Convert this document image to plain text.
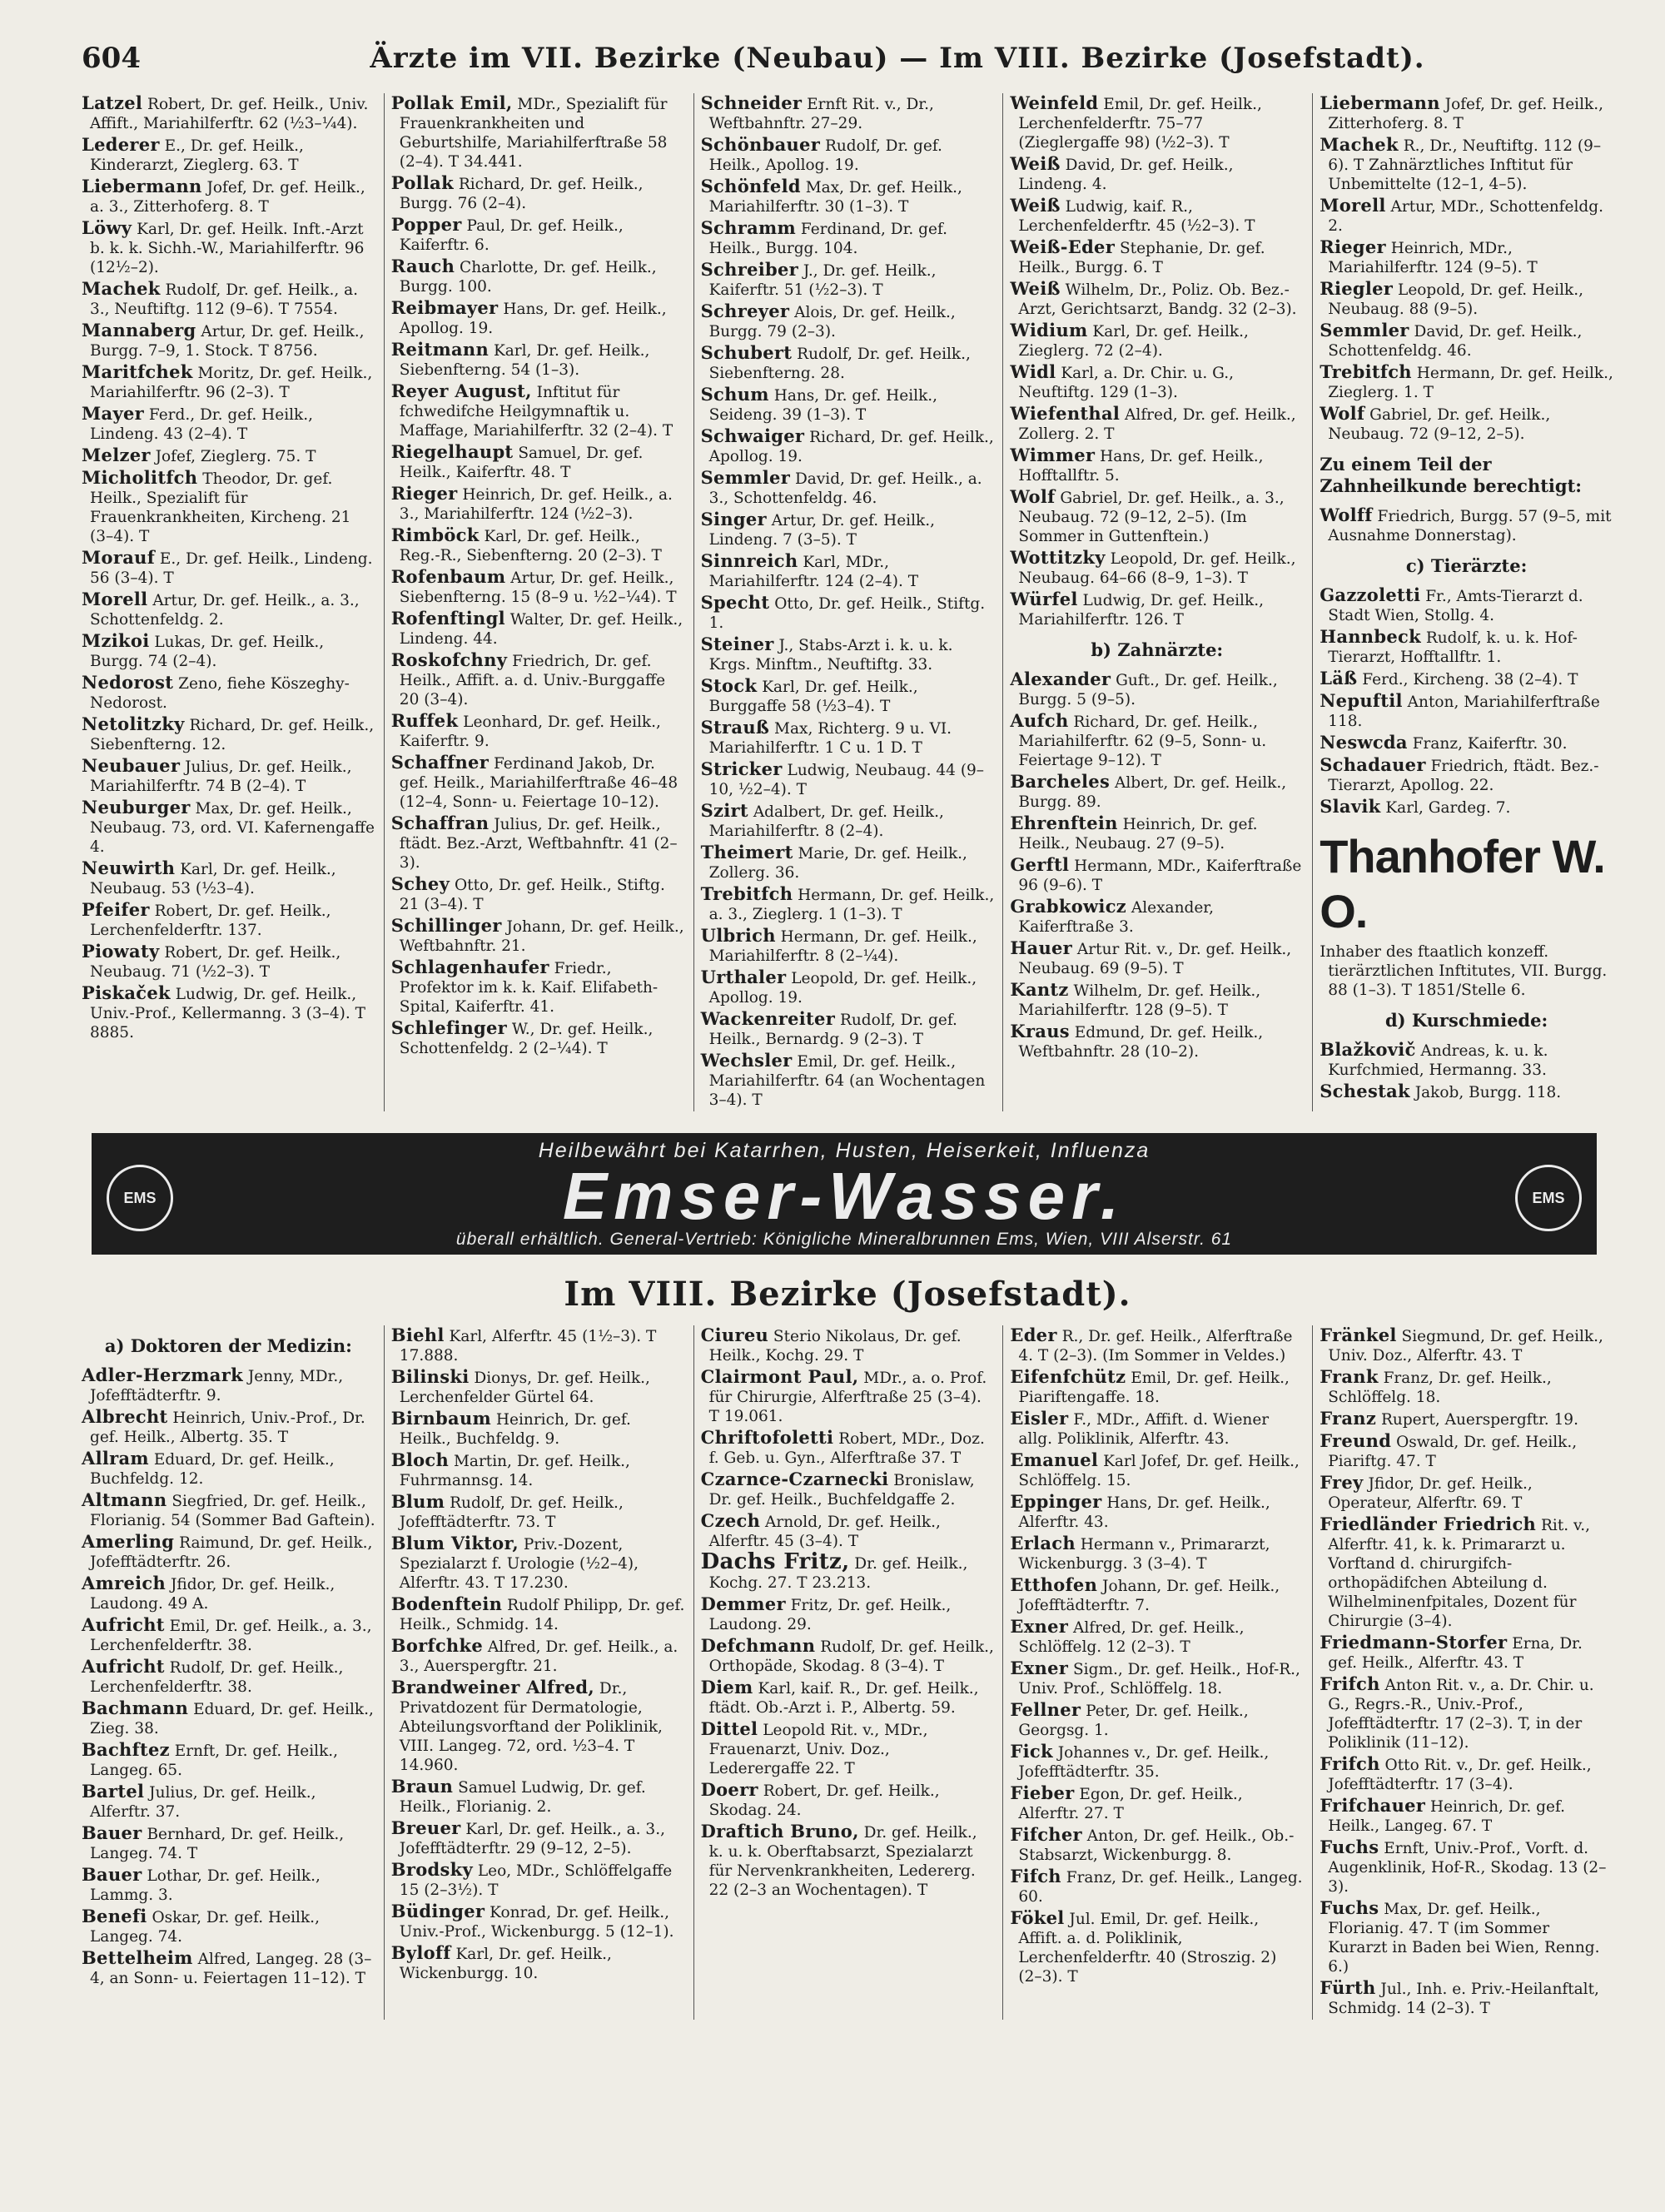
604	Ärzte im VII. Bezirke (Neubau) — Im VIII. Bezirke (Josefstadt).
Latzel Robert, Dr. gef. Heilk., Univ. Affift., Mariahilferftr. 62 (½3–¼4).
Lederer E., Dr. gef. Heilk., Kinderarzt, Zieglerg. 63. T
Liebermann Jofef, Dr. gef. Heilk., a. 3., Zitterhoferg. 8. T
Löwy Karl, Dr. gef. Heilk. Inft.-Arzt b. k. k. Sichh.-W., Mariahilferftr. 96 (12½–2).
Machek Rudolf, Dr. gef. Heilk., a. 3., Neuftiftg. 112 (9–6). T 7554.
Mannaberg Artur, Dr. gef. Heilk., Burgg. 7–9, 1. Stock. T 8756.
Maritfchek Moritz, Dr. gef. Heilk., Mariahilferftr. 96 (2–3). T
Mayer Ferd., Dr. gef. Heilk., Lindeng. 43 (2–4). T
Melzer Jofef, Zieglerg. 75. T
Micholitfch Theodor, Dr. gef. Heilk., Spezialift für Frauenkrankheiten, Kircheng. 21 (3–4). T
Morauf E., Dr. gef. Heilk., Lindeng. 56 (3–4). T
Morell Artur, Dr. gef. Heilk., a. 3., Schottenfeldg. 2.
Mzikoi Lukas, Dr. gef. Heilk., Burgg. 74 (2–4).
Nedorost Zeno, fiehe Köszeghy-Nedorost.
Netolitzky Richard, Dr. gef. Heilk., Siebenfterng. 12.
Neubauer Julius, Dr. gef. Heilk., Mariahilferftr. 74 B (2–4). T
Neuburger Max, Dr. gef. Heilk., Neubaug. 73, ord. VI. Kafernengaffe 4.
Neuwirth Karl, Dr. gef. Heilk., Neubaug. 53 (½3–4).
Pfeifer Robert, Dr. gef. Heilk., Lerchenfelderftr. 137.
Piowaty Robert, Dr. gef. Heilk., Neubaug. 71 (½2–3). T
Piskaček Ludwig, Dr. gef. Heilk., Univ.-Prof., Kellermanng. 3 (3–4). T 8885.
Pollak Emil, MDr., Spezialift für Frauenkrankheiten und Geburtshilfe, Mariahilferftraße 58 (2–4). T 34.441.
Pollak Richard, Dr. gef. Heilk., Burgg. 76 (2–4).
Popper Paul, Dr. gef. Heilk., Kaiferftr. 6.
Rauch Charlotte, Dr. gef. Heilk., Burgg. 100.
Reibmayer Hans, Dr. gef. Heilk., Apollog. 19.
Reitmann Karl, Dr. gef. Heilk., Siebenfterng. 54 (1–3).
Reyer August, Inftitut für fchwedifche Heilgymnaftik u. Maffage, Mariahilferftr. 32 (2–4). T
Riegelhaupt Samuel, Dr. gef. Heilk., Kaiferftr. 48. T
Rieger Heinrich, Dr. gef. Heilk., a. 3., Mariahilferftr. 124 (½2–3).
Rimböck Karl, Dr. gef. Heilk., Reg.-R., Siebenfterng. 20 (2–3). T
Rofenbaum Artur, Dr. gef. Heilk., Siebenfterng. 15 (8–9 u. ½2–¼4). T
Rofenftingl Walter, Dr. gef. Heilk., Lindeng. 44.
Roskofchny Friedrich, Dr. gef. Heilk., Affift. a. d. Univ.-Burggaffe 20 (3–4).
Ruffek Leonhard, Dr. gef. Heilk., Kaiferftr. 9.
Schaffner Ferdinand Jakob, Dr. gef. Heilk., Mariahilferftraße 46–48 (12–4, Sonn- u. Feiertage 10–12).
Schaffran Julius, Dr. gef. Heilk., ftädt. Bez.-Arzt, Weftbahnftr. 41 (2–3).
Schey Otto, Dr. gef. Heilk., Stiftg. 21 (3–4). T
Schillinger Johann, Dr. gef. Heilk., Weftbahnftr. 21.
Schlagenhaufer Friedr., Profektor im k. k. Kaif. Elifabeth-Spital, Kaiferftr. 41.
Schlefinger W., Dr. gef. Heilk., Schottenfeldg. 2 (2–¼4). T
Schneider Ernft Rit. v., Dr., Weftbahnftr. 27–29.
Schönbauer Rudolf, Dr. gef. Heilk., Apollog. 19.
Schönfeld Max, Dr. gef. Heilk., Mariahilferftr. 30 (1–3). T
Schramm Ferdinand, Dr. gef. Heilk., Burgg. 104.
Schreiber J., Dr. gef. Heilk., Kaiferftr. 51 (½2–3). T
Schreyer Alois, Dr. gef. Heilk., Burgg. 79 (2–3).
Schubert Rudolf, Dr. gef. Heilk., Siebenfterng. 28.
Schum Hans, Dr. gef. Heilk., Seideng. 39 (1–3). T
Schwaiger Richard, Dr. gef. Heilk., Apollog. 19.
Semmler David, Dr. gef. Heilk., a. 3., Schottenfeldg. 46.
Singer Artur, Dr. gef. Heilk., Lindeng. 7 (3–5). T
Sinnreich Karl, MDr., Mariahilferftr. 124 (2–4). T
Specht Otto, Dr. gef. Heilk., Stiftg. 1.
Steiner J., Stabs-Arzt i. k. u. k. Krgs. Minftm., Neuftiftg. 33.
Stock Karl, Dr. gef. Heilk., Burggaffe 58 (½3–4). T
Strauß Max, Richterg. 9 u. VI. Mariahilferftr. 1 C u. 1 D. T
Stricker Ludwig, Neubaug. 44 (9–10, ½2–4). T
Szirt Adalbert, Dr. gef. Heilk., Mariahilferftr. 8 (2–4).
Theimert Marie, Dr. gef. Heilk., Zollerg. 36.
Trebitfch Hermann, Dr. gef. Heilk., a. 3., Zieglerg. 1 (1–3). T
Ulbrich Hermann, Dr. gef. Heilk., Mariahilferftr. 8 (2–¼4).
Urthaler Leopold, Dr. gef. Heilk., Apollog. 19.
Wackenreiter Rudolf, Dr. gef. Heilk., Bernardg. 9 (2–3). T
Wechsler Emil, Dr. gef. Heilk., Mariahilferftr. 64 (an Wochentagen 3–4). T
Weinfeld Emil, Dr. gef. Heilk., Lerchenfelderftr. 75–77 (Zieglergaffe 98) (½2–3). T
Weiß David, Dr. gef. Heilk., Lindeng. 4.
Weiß Ludwig, kaif. R., Lerchenfelderftr. 45 (½2–3). T
Weiß-Eder Stephanie, Dr. gef. Heilk., Burgg. 6. T
Weiß Wilhelm, Dr., Poliz. Ob. Bez.-Arzt, Gerichtsarzt, Bandg. 32 (2–3).
Widium Karl, Dr. gef. Heilk., Zieglerg. 72 (2–4).
Widl Karl, a. Dr. Chir. u. G., Neuftiftg. 129 (1–3).
Wiefenthal Alfred, Dr. gef. Heilk., Zollerg. 2. T
Wimmer Hans, Dr. gef. Heilk., Hofftallftr. 5.
Wolf Gabriel, Dr. gef. Heilk., a. 3., Neubaug. 72 (9–12, 2–5). (Im Sommer in Guttenftein.)
Wottitzky Leopold, Dr. gef. Heilk., Neubaug. 64–66 (8–9, 1–3). T
Würfel Ludwig, Dr. gef. Heilk., Mariahilferftr. 126. T
b) Zahnärzte:
Alexander Guft., Dr. gef. Heilk., Burgg. 5 (9–5).
Aufch Richard, Dr. gef. Heilk., Mariahilferftr. 62 (9–5, Sonn- u. Feiertage 9–12). T
Barcheles Albert, Dr. gef. Heilk., Burgg. 89.
Ehrenftein Heinrich, Dr. gef. Heilk., Neubaug. 27 (9–5).
Gerftl Hermann, MDr., Kaiferftraße 96 (9–6). T
Grabkowicz Alexander, Kaiferftraße 3.
Hauer Artur Rit. v., Dr. gef. Heilk., Neubaug. 69 (9–5). T
Kantz Wilhelm, Dr. gef. Heilk., Mariahilferftr. 128 (9–5). T
Kraus Edmund, Dr. gef. Heilk., Weftbahnftr. 28 (10–2).
Liebermann Jofef, Dr. gef. Heilk., Zitterhoferg. 8. T
Machek R., Dr., Neuftiftg. 112 (9–6). T Zahnärztliches Inftitut für Unbemittelte (12–1, 4–5).
Morell Artur, MDr., Schottenfeldg. 2.
Rieger Heinrich, MDr., Mariahilferftr. 124 (9–5). T
Riegler Leopold, Dr. gef. Heilk., Neubaug. 88 (9–5).
Semmler David, Dr. gef. Heilk., Schottenfeldg. 46.
Trebitfch Hermann, Dr. gef. Heilk., Zieglerg. 1. T
Wolf Gabriel, Dr. gef. Heilk., Neubaug. 72 (9–12, 2–5).
Zu einem Teil der Zahnheilkunde berechtigt:
Wolff Friedrich, Burgg. 57 (9–5, mit Ausnahme Donnerstag).
c) Tierärzte:
Gazzoletti Fr., Amts-Tierarzt d. Stadt Wien, Stollg. 4.
Hannbeck Rudolf, k. u. k. Hof-Tierarzt, Hofftallftr. 1.
Läß Ferd., Kircheng. 38 (2–4). T
Nepuftil Anton, Mariahilferftraße 118.
Neswcda Franz, Kaiferftr. 30.
Schadauer Friedrich, ftädt. Bez.-Tierarzt, Apollog. 22.
Slavik Karl, Gardeg. 7.
Thanhofer W. O.
Inhaber des ftaatlich konzeff. tierärztlichen Inftitutes, VII. Burgg. 88 (1–3). T 1851/Stelle 6.
d) Kurschmiede:
Blažkovič Andreas, k. u. k. Kurfchmied, Hermanng. 33.
Schestak Jakob, Burgg. 118.
EMS
Heilbewährt bei Katarrhen, Husten, Heiserkeit, Influenza
Emser-Wasser.
überall erhältlich. General-Vertrieb: Königliche Mineralbrunnen Ems, Wien, VIII Alserstr. 61
EMS
Im VIII. Bezirke (Josefstadt).
a) Doktoren der Medizin:
Adler-Herzmark Jenny, MDr., Jofefftädterftr. 9.
Albrecht Heinrich, Univ.-Prof., Dr. gef. Heilk., Albertg. 35. T
Allram Eduard, Dr. gef. Heilk., Buchfeldg. 12.
Altmann Siegfried, Dr. gef. Heilk., Florianig. 54 (Sommer Bad Gaftein).
Amerling Raimund, Dr. gef. Heilk., Jofefftädterftr. 26.
Amreich Jfidor, Dr. gef. Heilk., Laudong. 49 A.
Aufricht Emil, Dr. gef. Heilk., a. 3., Lerchenfelderftr. 38.
Aufricht Rudolf, Dr. gef. Heilk., Lerchenfelderftr. 38.
Bachmann Eduard, Dr. gef. Heilk., Zieg. 38.
Bachftez Ernft, Dr. gef. Heilk., Langeg. 65.
Bartel Julius, Dr. gef. Heilk., Alferftr. 37.
Bauer Bernhard, Dr. gef. Heilk., Langeg. 74. T
Bauer Lothar, Dr. gef. Heilk., Lammg. 3.
Benefi Oskar, Dr. gef. Heilk., Langeg. 74.
Bettelheim Alfred, Langeg. 28 (3–4, an Sonn- u. Feiertagen 11–12). T
Biehl Karl, Alferftr. 45 (1½–3). T 17.888.
Bilinski Dionys, Dr. gef. Heilk., Lerchenfelder Gürtel 64.
Birnbaum Heinrich, Dr. gef. Heilk., Buchfeldg. 9.
Bloch Martin, Dr. gef. Heilk., Fuhrmannsg. 14.
Blum Rudolf, Dr. gef. Heilk., Jofefftädterftr. 73. T
Blum Viktor, Priv.-Dozent, Spezialarzt f. Urologie (½2–4), Alferftr. 43. T 17.230.
Bodenftein Rudolf Philipp, Dr. gef. Heilk., Schmidg. 14.
Borfchke Alfred, Dr. gef. Heilk., a. 3., Auerspergftr. 21.
Brandweiner Alfred, Dr., Privatdozent für Dermatologie, Abteilungsvorftand der Poliklinik, VIII. Langeg. 72, ord. ½3–4. T 14.960.
Braun Samuel Ludwig, Dr. gef. Heilk., Florianig. 2.
Breuer Karl, Dr. gef. Heilk., a. 3., Jofefftädterftr. 29 (9–12, 2–5).
Brodsky Leo, MDr., Schlöffelgaffe 15 (2–3½). T
Büdinger Konrad, Dr. gef. Heilk., Univ.-Prof., Wickenburgg. 5 (12–1).
Byloff Karl, Dr. gef. Heilk., Wickenburgg. 10.
Ciureu Sterio Nikolaus, Dr. gef. Heilk., Kochg. 29. T
Clairmont Paul, MDr., a. o. Prof. für Chirurgie, Alferftraße 25 (3–4). T 19.061.
Chriftofoletti Robert, MDr., Doz. f. Geb. u. Gyn., Alferftraße 37. T
Czarnce-Czarnecki Bronislaw, Dr. gef. Heilk., Buchfeldgaffe 2.
Czech Arnold, Dr. gef. Heilk., Alferftr. 45 (3–4). T
Dachs Fritz, Dr. gef. Heilk., Kochg. 27. T 23.213.
Demmer Fritz, Dr. gef. Heilk., Laudong. 29.
Defchmann Rudolf, Dr. gef. Heilk., Orthopäde, Skodag. 8 (3–4). T
Diem Karl, kaif. R., Dr. gef. Heilk., ftädt. Ob.-Arzt i. P., Albertg. 59.
Dittel Leopold Rit. v., MDr., Frauenarzt, Univ. Doz., Lederergaffe 22. T
Doerr Robert, Dr. gef. Heilk., Skodag. 24.
Draftich Bruno, Dr. gef. Heilk., k. u. k. Oberftabsarzt, Spezialarzt für Nervenkrankheiten, Ledererg. 22 (2–3 an Wochentagen). T
Eder R., Dr. gef. Heilk., Alferftraße 4. T (2–3). (Im Sommer in Veldes.)
Eifenfchütz Emil, Dr. gef. Heilk., Piariftengaffe. 18.
Eisler F., MDr., Affift. d. Wiener allg. Poliklinik, Alferftr. 43.
Emanuel Karl Jofef, Dr. gef. Heilk., Schlöffelg. 15.
Eppinger Hans, Dr. gef. Heilk., Alferftr. 43.
Erlach Hermann v., Primararzt, Wickenburgg. 3 (3–4). T
Etthofen Johann, Dr. gef. Heilk., Jofefftädterftr. 7.
Exner Alfred, Dr. gef. Heilk., Schlöffelg. 12 (2–3). T
Exner Sigm., Dr. gef. Heilk., Hof-R., Univ. Prof., Schlöffelg. 18.
Fellner Peter, Dr. gef. Heilk., Georgsg. 1.
Fick Johannes v., Dr. gef. Heilk., Jofefftädterftr. 35.
Fieber Egon, Dr. gef. Heilk., Alferftr. 27. T
Fifcher Anton, Dr. gef. Heilk., Ob.-Stabsarzt, Wickenburgg. 8.
Fifch Franz, Dr. gef. Heilk., Langeg. 60.
Fökel Jul. Emil, Dr. gef. Heilk., Affift. a. d. Poliklinik, Lerchenfelderftr. 40 (Stroszig. 2) (2–3). T
Fränkel Siegmund, Dr. gef. Heilk., Univ. Doz., Alferftr. 43. T
Frank Franz, Dr. gef. Heilk., Schlöffelg. 18.
Franz Rupert, Auerspergftr. 19.
Freund Oswald, Dr. gef. Heilk., Piariftg. 47. T
Frey Jfidor, Dr. gef. Heilk., Operateur, Alferftr. 69. T
Friedländer Friedrich Rit. v., Alferftr. 41, k. k. Primararzt u. Vorftand d. chirurgifch-orthopädifchen Abteilung d. Wilhelminenfpitales, Dozent für Chirurgie (3–4).
Friedmann-Storfer Erna, Dr. gef. Heilk., Alferftr. 43. T
Frifch Anton Rit. v., a. Dr. Chir. u. G., Regrs.-R., Univ.-Prof., Jofefftädterftr. 17 (2–3). T, in der Poliklinik (11–12).
Frifch Otto Rit. v., Dr. gef. Heilk., Jofefftädterftr. 17 (3–4).
Frifchauer Heinrich, Dr. gef. Heilk., Langeg. 67. T
Fuchs Ernft, Univ.-Prof., Vorft. d. Augenklinik, Hof-R., Skodag. 13 (2–3).
Fuchs Max, Dr. gef. Heilk., Florianig. 47. T (im Sommer Kurarzt in Baden bei Wien, Renng. 6.)
Fürth Jul., Inh. e. Priv.-Heilanftalt, Schmidg. 14 (2–3). T
